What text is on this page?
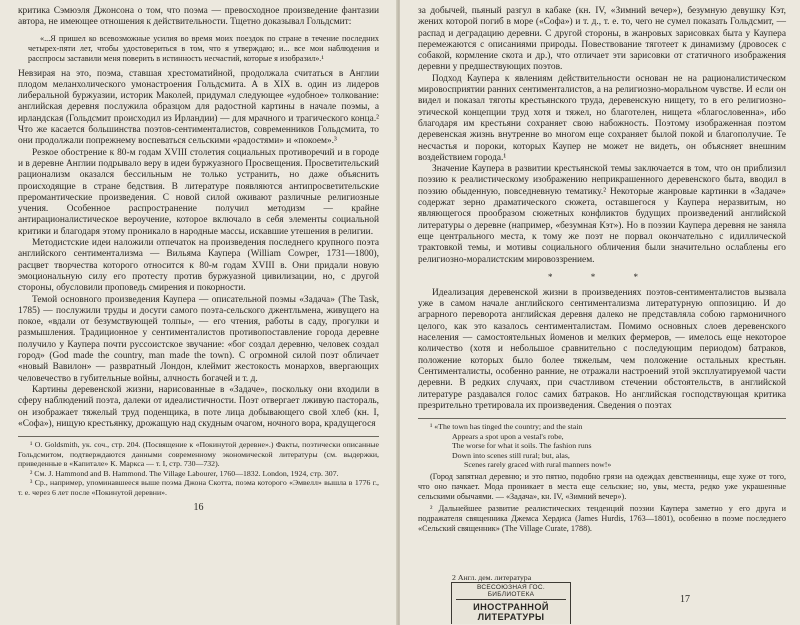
критика Сэмюэля Джонсона о том, что поэма — превосходное произведение фантазии автора, не имеющее отношения к действительности. Тщетно доказывал Гольдсмит:

«...Я пришел ко всевозможные усилия во время моих поездок по стране в течение последних четырех-пяти лет, чтобы удостовериться в том, что я утверждаю; и... все мои наблюдения и расспросы заставили меня поверить в истинность несчастий, которые я изобразил».¹

Невзирая на это, поэма, ставшая хрестоматийной, продолжала считаться в Англии плодом меланхолического умонастроения Гольдсмита. А в XIX в. один из лидеров либеральной буржуазии, историк Маколей, придумал следующее «удобное» толкование: английская деревня послужила образцом для радостной картины в начале поэмы, а ирландская (Гольдсмит происходил из Ирландии) — для мрачного и трагического конца.² Что же касается большинства поэтов-сентименталистов, современников Гольдсмита, то они продолжали попрежнему воспеваться сельскими «радостями» и «покоем».³

Резкое обострение к 80-м годам XVIII столетия социальных противоречий и в городе и в деревне Англии подрывало веру в идеи буржуазного Просвещения. Просветительский рационализм оказался бессильным не только устранить, но даже объяснить происходящие в стране бедствия. В литературе появляются антипросветительские преромантические произведения. С новой силой оживают различные религиозные учения. Особенное распространение получил методизм — крайне антирационалистическое вероучение, которое включало в себя элементы социальной критики и благодаря этому проникало в народные массы, искавшие утешения в религии.

Методистские идеи наложили отпечаток на произведения последнего крупного поэта английского сентиментализма — Вильяма Каупера (William Cowper, 1731—1800), расцвет творчества которого относится к 80-м годам XVIII в. Они придали новую эмоциональную силу его протесту против буржуазной цивилизации, но, с другой стороны, обусловили проповедь смирения и покорности.

Темой основного произведения Каупера — описательной поэмы «Задача» (The Task, 1785) — послужили труды и досуги самого поэта-сельского джентльмена, живущего на покое, «вдали от безумствующей толпы», — его чтения, работы в саду, прогулки и размышления. Традиционное у сентименталистов противопоставление города деревне получило у Каупера почти руссоистское звучание: «бог создал деревню, человек создал город» (God made the country, man made the town). С огромной силой поэт обличает «новый Вавилон» — развратный Лондон, клеймит жестокость монархов, ввергающих человечество в губительные войны, алчность богачей и т. д.

Картины деревенской жизни, нарисованные в «Задаче», поскольку они входили в сферу наблюдений поэта, далеки от идеалистичности. Поэт отвергает лживую пастораль, он изображает тяжелый труд поденщика, в поте лица добывающего свой хлеб (кн. I, «Софа»), нищую крестьянку, дрожащую над скудным очагом, ночного вора, крадущегося

¹ O. Goldsmith, ук. соч., стр. 204. (Посвящение к «Покинутой деревне».) Факты, поэтически описанные Гольдсмитом, подтверждаются данными современному экономической литературы (см. выдержки, приведенные в «Капитале» К. Маркса — т. I, стр. 730—732).

² См. J. Hammond and B. Hammond. The Village Labourer, 1760—1832. London, 1924, стр. 307.

³ Ср., например, упоминавшееся выше поэма Джона Скотта, поэма которого «Эмвелл» вышла в 1776 г., т. е. через 6 лет после «Покинутой деревни».

16

за добычей, пьяный разгул в кабаке (кн. IV, «Зимний вечер»), безумную девушку Кэт, жених которой погиб в море («Софа») и т. д., т. е. то, чего не сумел показать Гольдсмит, — распад и деградацию деревни. С другой стороны, в жанровых зарисовках быта у Каупера перемежаются с описаниями природы. Повествование тяготеет к динамизму (дровосек с собакой, кормление скота и др.), что отличает эти зарисовки от статичного изображения деревни у предшествующих поэтов.

Подход Каупера к явлениям действительности основан не на рационалистическом мировосприятии ранних сентименталистов, а на религиозно-моральном чувстве. И если он видел и показал тяготы крестьянского труда, деревенскую нищету, то в его религиозно-этической концепции труд хотя и тяжел, но благотелен, нищета «благословенна», ибо благодаря им крестьяни сохраняет свою набожность. Поэтому изображенная поэтом деревенская жизнь внутренне во многом еще сохраняет былой покой и благополучие. Те несчастья и пороки, которых Каупер не может не видеть, он объясняет внешним воздействием города.¹

Значение Каупера в развитии крестьянской темы заключается в том, что он приблизил поэзию к реалистическому изображению неприкрашенного деревенского быта, вводил в поэзию обыденную, повседневную тематику.² Некоторые жанровые картинки в «Задаче» содержат зерно драматического сюжета, оставшегося у Каупера неразвитым, но являющегося прообразом сюжетных конфликтов будущих произведений английской литературы о деревне (например, «безумная Кэт»). Но в поэзии Каупера деревня не заняла еще центрального места, к тому же поэт не порвал окончательно с идиллической трактовкой темы, и мотивы социального обличения были значительно ослаблены его религиозно-моралистским мировоззрением.

* * *

Идеализация деревенской жизни в произведениях поэтов-сентименталистов вызвала уже в самом начале английского сентиментализма литературную оппозицию. И до аграрного переворота английская деревня далеко не представляла собою гармоничного целого, как это казалось сентименталистам. Помимо основных слоев деревенского населения — самостоятельных йоменов и мелких фермеров, — имелось еще некоторое количество (хотя и небольшое сравнительно с последующим периодом) батраков, положение которых было более тяжелым, чем положение остальных крестьян. Сентименталисты, особенно ранние, не отражали настроений этой эксплуатируемой части деревни. В редких случаях, при счастливом стечении обстоятельств, в английской литературе раздавался голос самих батраков. Но английская господствующая критика презрительно третировала их произведения. Сведения о поэтах

¹ «The town has tinged the country; and the stain
Appears a spot upon a vestal's robe,
The worse for what it soils. The fashion runs
Down into scenes still rural; but, alas,
Scenes rarely graced with rural manners now!»

(Город запятнал деревню; и это пятно, подобно грязи на одеждах девственницы, еще хуже от того, что оно пачкает. Мода проникает в места еще сельские; но, увы, места, редко уже украшенные сельскими обычаями. — «Задача», кн. IV, «Зимний вечер»).

² Дальнейшее развитие реалистических тенденций поэзии Каупера заметно у его друга и подражателя священника Джемса Хердиса (James Hurdis, 1763—1801), особенно в поэме последнего «Сельский священник» (The Village Curate, 1788).

2 Англ. дем. литература
ВСЕСОЮЗНАЯ ГОС. БИБЛИОТЕКА
ИНОСТРАННОЙ
ЛИТЕРАТУРЫ
17
